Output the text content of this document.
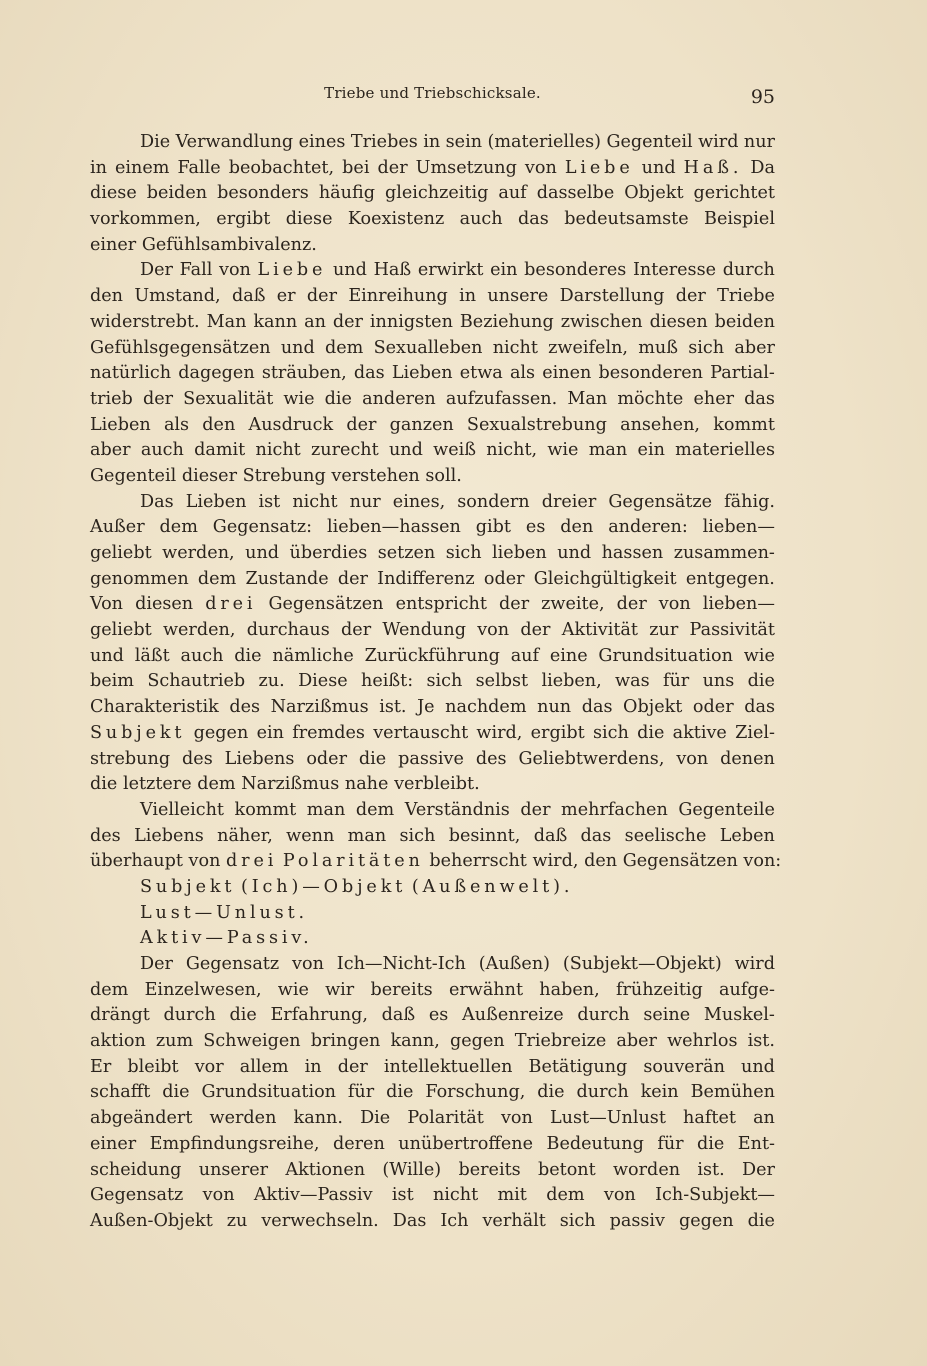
Triebe und Triebschicksale.	95
Die Verwandlung eines Triebes in sein (materielles) Gegenteil wird nur
in einem Falle beobachtet, bei der Umsetzung von Liebe und Haß. Da
diese beiden besonders häufig gleichzeitig auf dasselbe Objekt gerichtet
vorkommen, ergibt diese Koexistenz auch das bedeutsamste Beispiel
einer Gefühlsambivalenz.
Der Fall von Liebe und Haß erwirkt ein besonderes Interesse durch
den Umstand, daß er der Einreihung in unsere Darstellung der Triebe
widerstrebt. Man kann an der innigsten Beziehung zwischen diesen beiden
Gefühlsgegensätzen und dem Sexualleben nicht zweifeln, muß sich aber
natürlich dagegen sträuben, das Lieben etwa als einen besonderen Partial-
trieb der Sexualität wie die anderen aufzufassen. Man möchte eher das
Lieben als den Ausdruck der ganzen Sexualstrebung ansehen, kommt
aber auch damit nicht zurecht und weiß nicht, wie man ein materielles
Gegenteil dieser Strebung verstehen soll.
Das Lieben ist nicht nur eines, sondern dreier Gegensätze fähig.
Außer dem Gegensatz: lieben—hassen gibt es den anderen: lieben—
geliebt werden, und überdies setzen sich lieben und hassen zusammen-
genommen dem Zustande der Indifferenz oder Gleichgültigkeit entgegen.
Von diesen drei Gegensätzen entspricht der zweite, der von lieben—
geliebt werden, durchaus der Wendung von der Aktivität zur Passivität
und läßt auch die nämliche Zurückführung auf eine Grundsituation wie
beim Schautrieb zu. Diese heißt: sich selbst lieben, was für uns die
Charakteristik des Narzißmus ist. Je nachdem nun das Objekt oder das
Subjekt gegen ein fremdes vertauscht wird, ergibt sich die aktive Ziel-
strebung des Liebens oder die passive des Geliebtwerdens, von denen
die letztere dem Narzißmus nahe verbleibt.
Vielleicht kommt man dem Verständnis der mehrfachen Gegenteile
des Liebens näher, wenn man sich besinnt, daß das seelische Leben
überhaupt von drei Polaritäten beherrscht wird, den Gegensätzen von:
Subjekt (Ich)—Objekt (Außenwelt).
Lust—Unlust.
Aktiv—Passiv.
Der Gegensatz von Ich—Nicht-Ich (Außen) (Subjekt—Objekt) wird
dem Einzelwesen, wie wir bereits erwähnt haben, frühzeitig aufge-
drängt durch die Erfahrung, daß es Außenreize durch seine Muskel-
aktion zum Schweigen bringen kann, gegen Triebreize aber wehrlos ist.
Er bleibt vor allem in der intellektuellen Betätigung souverän und
schafft die Grundsituation für die Forschung, die durch kein Bemühen
abgeändert werden kann. Die Polarität von Lust—Unlust haftet an
einer Empfindungsreihe, deren unübertroffene Bedeutung für die Ent-
scheidung unserer Aktionen (Wille) bereits betont worden ist. Der
Gegensatz von Aktiv—Passiv ist nicht mit dem von Ich-Subjekt—
Außen-Objekt zu verwechseln. Das Ich verhält sich passiv gegen die
